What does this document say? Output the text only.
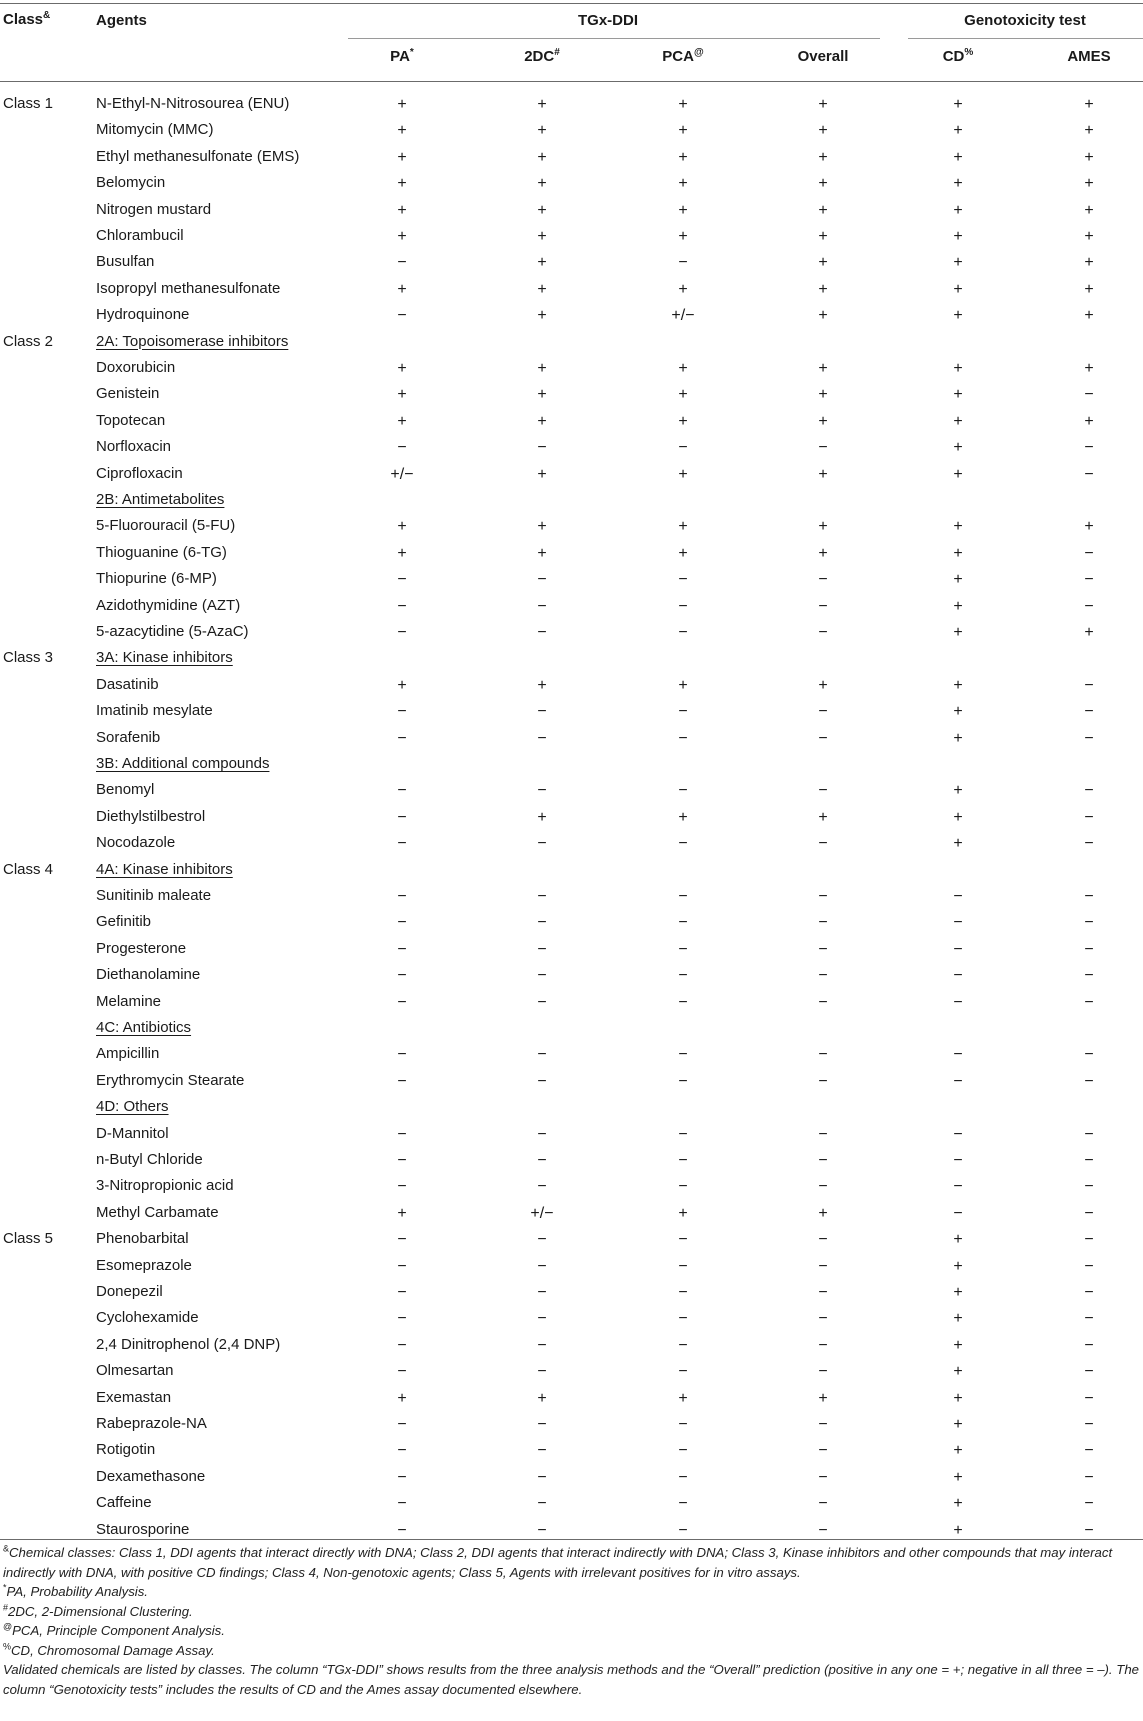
Class&	Agents	TGx-DDI	Genotoxicity test
PA*	2DC#	PCA@	Overall	CD%	AMES
Class 1	N-Ethyl-N-Nitrosourea (ENU)	+	+	+	+	+	+
Mitomycin (MMC)	+	+	+	+	+	+
Ethyl methanesulfonate (EMS)	+	+	+	+	+	+
Belomycin	+	+	+	+	+	+
Nitrogen mustard	+	+	+	+	+	+
Chlorambucil	+	+	+	+	+	+
Busulfan	−	+	−	+	+	+
Isopropyl methanesulfonate	+	+	+	+	+	+
Hydroquinone	−	+	+/−	+	+	+
Class 2	2A: Topoisomerase inhibitors
Doxorubicin	+	+	+	+	+	+
Genistein	+	+	+	+	+	−
Topotecan	+	+	+	+	+	+
Norfloxacin	−	−	−	−	+	−
Ciprofloxacin	+/−	+	+	+	+	−
2B: Antimetabolites
5-Fluorouracil (5-FU)	+	+	+	+	+	+
Thioguanine (6-TG)	+	+	+	+	+	−
Thiopurine (6-MP)	−	−	−	−	+	−
Azidothymidine (AZT)	−	−	−	−	+	−
5-azacytidine (5-AzaC)	−	−	−	−	+	+
Class 3	3A: Kinase inhibitors
Dasatinib	+	+	+	+	+	−
Imatinib mesylate	−	−	−	−	+	−
Sorafenib	−	−	−	−	+	−
3B: Additional compounds
Benomyl	−	−	−	−	+	−
Diethylstilbestrol	−	+	+	+	+	−
Nocodazole	−	−	−	−	+	−
Class 4	4A: Kinase inhibitors
Sunitinib maleate	−	−	−	−	−	−
Gefinitib	−	−	−	−	−	−
Progesterone	−	−	−	−	−	−
Diethanolamine	−	−	−	−	−	−
Melamine	−	−	−	−	−	−
4C: Antibiotics
Ampicillin	−	−	−	−	−	−
Erythromycin Stearate	−	−	−	−	−	−
4D: Others
D-Mannitol	−	−	−	−	−	−
n-Butyl Chloride	−	−	−	−	−	−
3-Nitropropionic acid	−	−	−	−	−	−
Methyl Carbamate	+	+/−	+	+	−	−
Class 5	Phenobarbital	−	−	−	−	+	−
Esomeprazole	−	−	−	−	+	−
Donepezil	−	−	−	−	+	−
Cyclohexamide	−	−	−	−	+	−
2,4 Dinitrophenol (2,4 DNP)	−	−	−	−	+	−
Olmesartan	−	−	−	−	+	−
Exemastan	+	+	+	+	+	−
Rabeprazole-NA	−	−	−	−	+	−
Rotigotin	−	−	−	−	+	−
Dexamethasone	−	−	−	−	+	−
Caffeine	−	−	−	−	+	−
Staurosporine	−	−	−	−	+	−

&Chemical classes: Class 1, DDI agents that interact directly with DNA; Class 2, DDI agents that interact indirectly with DNA; Class 3, Kinase inhibitors and other compounds that may interact indirectly with DNA, with positive CD findings; Class 4, Non-genotoxic agents; Class 5, Agents with irrelevant positives for in vitro assays.

*PA, Probability Analysis.

#2DC, 2-Dimensional Clustering.

@PCA, Principle Component Analysis.

%CD, Chromosomal Damage Assay.

Validated chemicals are listed by classes. The column “TGx-DDI” shows results from the three analysis methods and the “Overall” prediction (positive in any one = +; negative in all three = –). The column “Genotoxicity tests” includes the results of CD and the Ames assay documented elsewhere.
